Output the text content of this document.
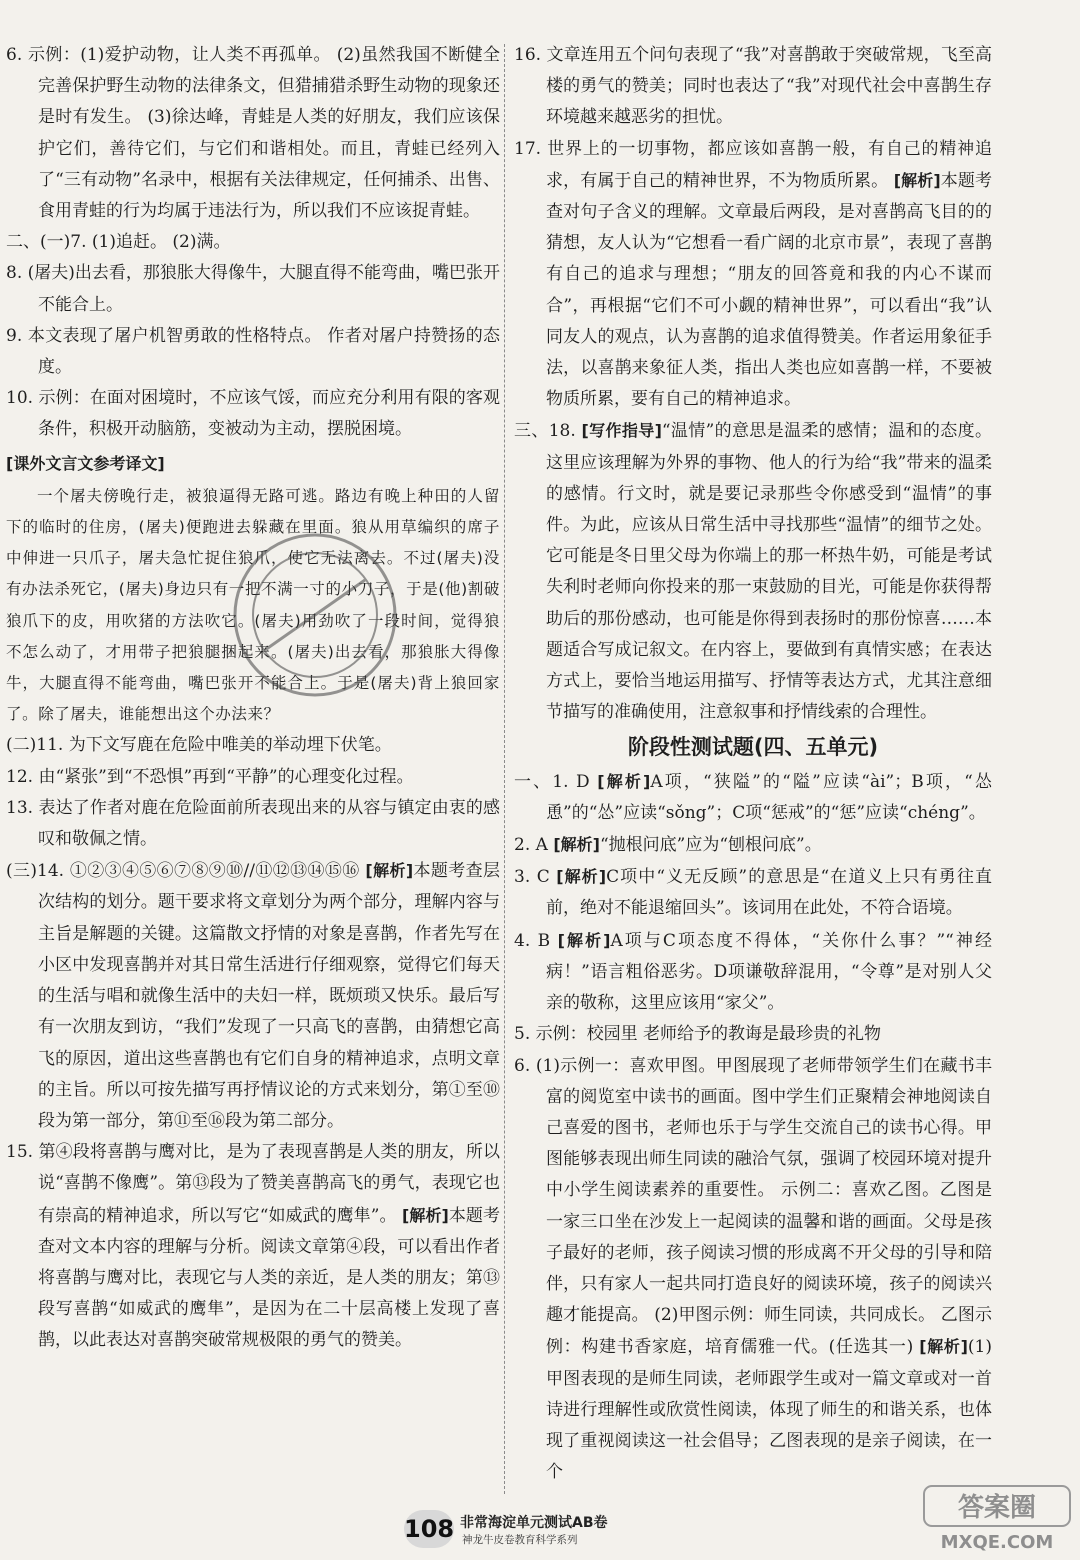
6. 示例：(1)爱护动物，让人类不再孤单。 (2)虽然我国不断健全完善保护野生动物的法律条文，但猎捕猎杀野生动物的现象还是时有发生。 (3)徐达峰，青蛙是人类的好朋友，我们应该保护它们，善待它们，与它们和谐相处。而且，青蛙已经列入了“三有动物”名录中，根据有关法律规定，任何捕杀、出售、食用青蛙的行为均属于违法行为，所以我们不应该捉青蛙。
二、(一)7. (1)追赶。 (2)满。
8. (屠夫)出去看，那狼胀大得像牛，大腿直得不能弯曲，嘴巴张开不能合上。
9. 本文表现了屠户机智勇敢的性格特点。 作者对屠户持赞扬的态度。
10. 示例：在面对困境时，不应该气馁，而应充分利用有限的客观条件，积极开动脑筋，变被动为主动，摆脱困境。
[课外文言文参考译文]
一个屠夫傍晚行走，被狼逼得无路可逃。路边有晚上种田的人留下的临时的住房，(屠夫)便跑进去躲藏在里面。狼从用草编织的席子中伸进一只爪子，屠夫急忙捉住狼爪，使它无法离去。不过(屠夫)没有办法杀死它，(屠夫)身边只有一把不满一寸的小刀子，于是(他)割破狼爪下的皮，用吹猪的方法吹它。(屠夫)用劲吹了一段时间，觉得狼不怎么动了，才用带子把狼腿捆起来。(屠夫)出去看，那狼胀大得像牛，大腿直得不能弯曲，嘴巴张开不能合上。于是(屠夫)背上狼回家了。除了屠夫，谁能想出这个办法来？
(二)11. 为下文写鹿在危险中唯美的举动埋下伏笔。
12. 由“紧张”到“不恐惧”再到“平静”的心理变化过程。
13. 表达了作者对鹿在危险面前所表现出来的从容与镇定由衷的感叹和敬佩之情。
(三)14. ①②③④⑤⑥⑦⑧⑨⑩//⑪⑫⑬⑭⑮⑯ [解析]本题考查层次结构的划分。题干要求将文章划分为两个部分，理解内容与主旨是解题的关键。这篇散文抒情的对象是喜鹊，作者先写在小区中发现喜鹊并对其日常生活进行仔细观察，觉得它们每天的生活与唱和就像生活中的夫妇一样，既烦琐又快乐。最后写有一次朋友到访，“我们”发现了一只高飞的喜鹊，由猜想它高飞的原因，道出这些喜鹊也有它们自身的精神追求，点明文章的主旨。所以可按先描写再抒情议论的方式来划分，第①至⑩段为第一部分，第⑪至⑯段为第二部分。
15. 第④段将喜鹊与鹰对比，是为了表现喜鹊是人类的朋友，所以说“喜鹊不像鹰”。第⑬段为了赞美喜鹊高飞的勇气，表现它也有崇高的精神追求，所以写它“如威武的鹰隼”。 [解析]本题考查对文本内容的理解与分析。阅读文章第④段，可以看出作者将喜鹊与鹰对比，表现它与人类的亲近，是人类的朋友；第⑬段写喜鹊“如威武的鹰隼”，是因为在二十层高楼上发现了喜鹊，以此表达对喜鹊突破常规极限的勇气的赞美。
16. 文章连用五个问句表现了“我”对喜鹊敢于突破常规，飞至高楼的勇气的赞美；同时也表达了“我”对现代社会中喜鹊生存环境越来越恶劣的担忧。
17. 世界上的一切事物，都应该如喜鹊一般，有自己的精神追求，有属于自己的精神世界，不为物质所累。 [解析]本题考查对句子含义的理解。文章最后两段，是对喜鹊高飞目的的猜想，友人认为“它想看一看广阔的北京市景”，表现了喜鹊有自己的追求与理想；“朋友的回答竟和我的内心不谋而合”，再根据“它们不可小觑的精神世界”，可以看出“我”认同友人的观点，认为喜鹊的追求值得赞美。作者运用象征手法，以喜鹊来象征人类，指出人类也应如喜鹊一样，不要被物质所累，要有自己的精神追求。
三、18. [写作指导]“温情”的意思是温柔的感情；温和的态度。这里应该理解为外界的事物、他人的行为给“我”带来的温柔的感情。行文时，就是要记录那些令你感受到“温情”的事件。为此，应该从日常生活中寻找那些“温情”的细节之处。它可能是冬日里父母为你端上的那一杯热牛奶，可能是考试失利时老师向你投来的那一束鼓励的目光，可能是你获得帮助后的那份感动，也可能是你得到表扬时的那份惊喜……本题适合写成记叙文。在内容上，要做到有真情实感；在表达方式上，要恰当地运用描写、抒情等表达方式，尤其注意细节描写的准确使用，注意叙事和抒情线索的合理性。
阶段性测试题(四、五单元)
一、1. D [解析]A项，“狭隘”的“隘”应读“ài”；B项，“怂恿”的“怂”应读“sǒng”；C项“惩戒”的“惩”应读“chéng”。
2. A [解析]“抛根问底”应为“刨根问底”。
3. C [解析]C项中“义无反顾”的意思是“在道义上只有勇往直前，绝对不能退缩回头”。该词用在此处，不符合语境。
4. B [解析]A项与C项态度不得体，“关你什么事？”“神经病！”语言粗俗恶劣。D项谦敬辞混用，“令尊”是对别人父亲的敬称，这里应该用“家父”。
5. 示例：校园里 老师给予的教诲是最珍贵的礼物
6. (1)示例一：喜欢甲图。甲图展现了老师带领学生们在藏书丰富的阅览室中读书的画面。图中学生们正聚精会神地阅读自己喜爱的图书，老师也乐于与学生交流自己的读书心得。甲图能够表现出师生同读的融洽气氛，强调了校园环境对提升中小学生阅读素养的重要性。 示例二：喜欢乙图。乙图是一家三口坐在沙发上一起阅读的温馨和谐的画面。父母是孩子最好的老师，孩子阅读习惯的形成离不开父母的引导和陪伴，只有家人一起共同打造良好的阅读环境，孩子的阅读兴趣才能提高。 (2)甲图示例：师生同读，共同成长。 乙图示例：构建书香家庭，培育儒雅一代。(任选其一) [解析](1)甲图表现的是师生同读，老师跟学生或对一篇文章或对一首诗进行理解性或欣赏性阅读，体现了师生的和谐关系，也体现了重视阅读这一社会倡导；乙图表现的是亲子阅读，在一个
108 非常海淀单元测试AB卷
神龙牛皮卷教育科学系列
答案圈
MXQE.COM
